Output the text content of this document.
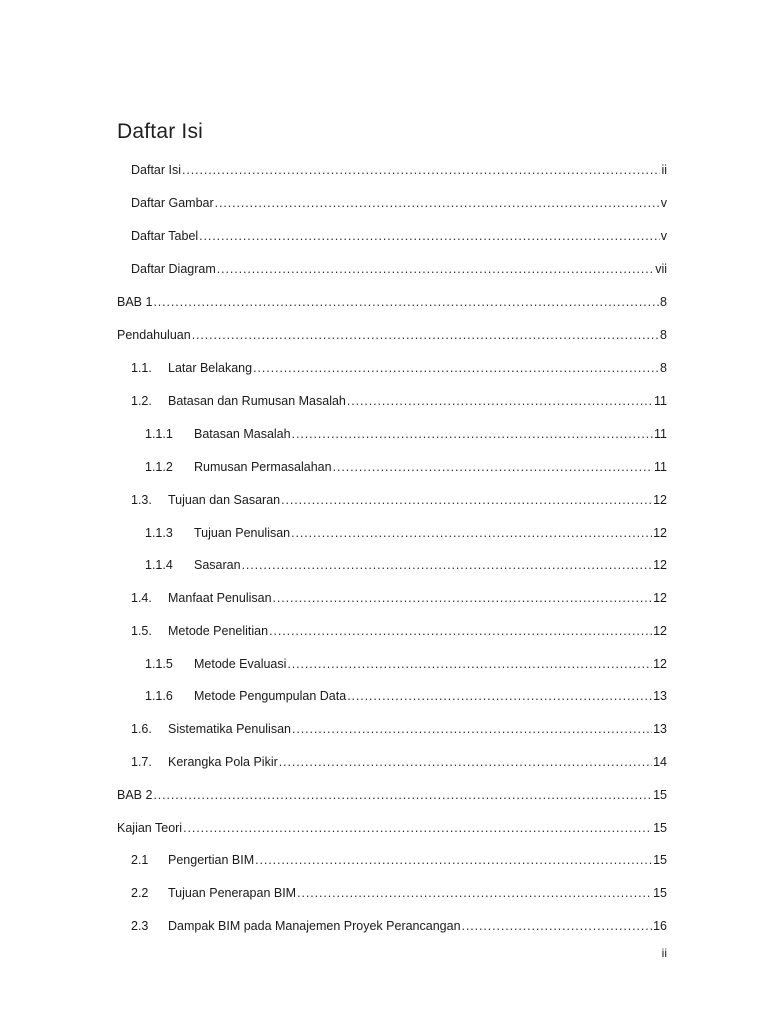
Daftar Isi
Daftar Isi .....	ii
Daftar Gambar .....	v
Daftar Tabel .....	v
Daftar Diagram .....	vii
BAB 1 .....	8
Pendahuluan .....	8
1.1.	Latar Belakang .....	8
1.2.	Batasan dan Rumusan Masalah .....	11
1.1.1	Batasan Masalah .....	11
1.1.2	Rumusan Permasalahan .....	11
1.3.	Tujuan dan Sasaran .....	12
1.1.3	Tujuan Penulisan .....	12
1.1.4	Sasaran .....	12
1.4.	Manfaat Penulisan .....	12
1.5.	Metode Penelitian .....	12
1.1.5	Metode Evaluasi .....	12
1.1.6	Metode Pengumpulan Data .....	13
1.6.	Sistematika Penulisan .....	13
1.7.	Kerangka Pola Pikir .....	14
BAB 2 .....	15
Kajian Teori .....	15
2.1	Pengertian BIM .....	15
2.2	Tujuan Penerapan BIM .....	15
2.3	Dampak BIM pada Manajemen Proyek Perancangan .....	16
ii
